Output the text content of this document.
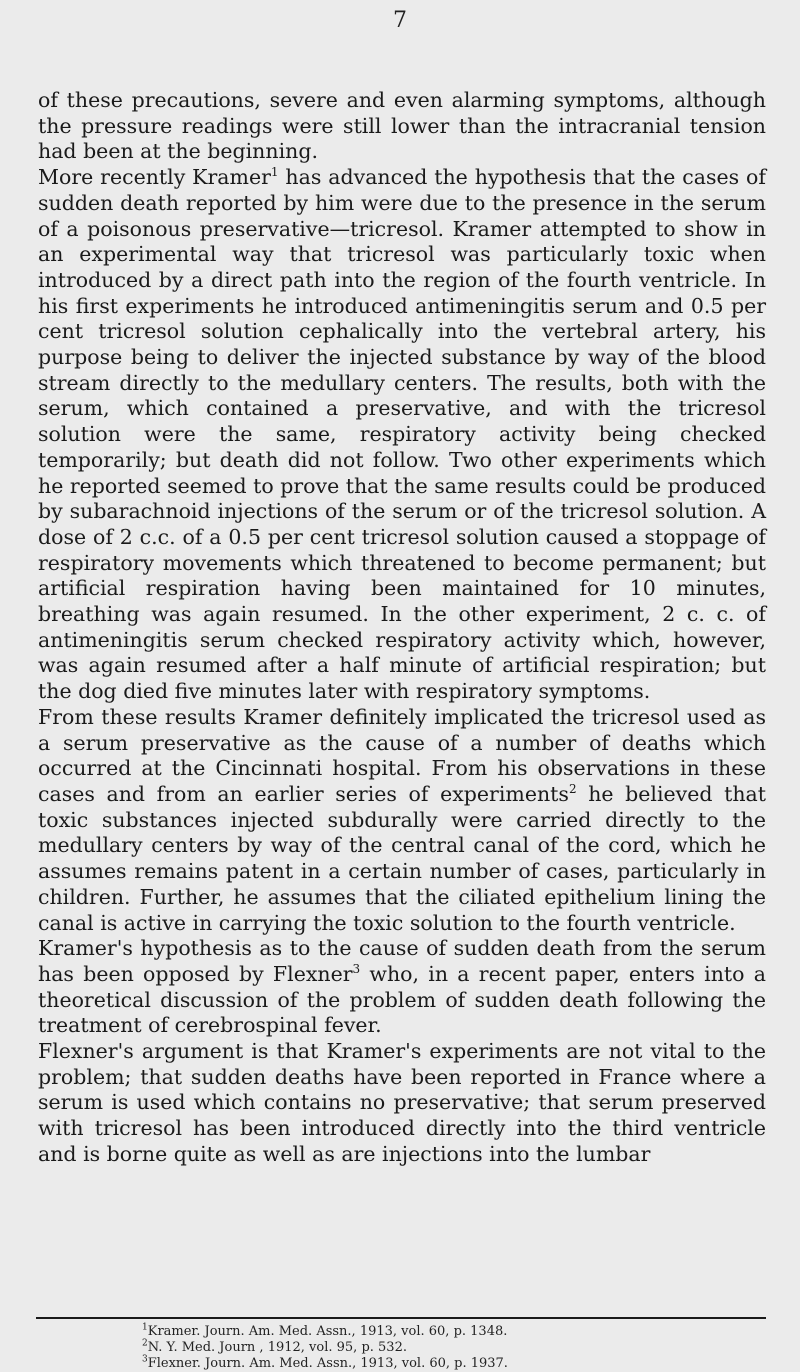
7

of these precautions, severe and even alarming symptoms, although the pressure readings were still lower than the intracranial tension had been at the beginning.

More recently Kramer$^1$ has advanced the hypothesis that the cases of sudden death reported by him were due to the presence in the serum of a poisonous preservative—tricresol. Kramer attempted to show in an experimental way that tricresol was particularly toxic when introduced by a direct path into the region of the fourth ventricle. In his first experiments he introduced antimeningitis serum and 0.5 per cent tricresol solution cephalically into the vertebral artery, his purpose being to deliver the injected substance by way of the blood stream directly to the medullary centers. The results, both with the serum, which contained a preservative, and with the tricresol solution were the same, respiratory activity being checked temporarily; but death did not follow. Two other experiments which he reported seemed to prove that the same results could be produced by subarachnoid injections of the serum or of the tricresol solution. A dose of 2 c.c. of a 0.5 per cent tricresol solution caused a stoppage of respiratory movements which threatened to become permanent; but artificial respiration having been maintained for 10 minutes, breathing was again resumed. In the other experiment, 2 c. c. of antimeningitis serum checked respiratory activity which, however, was again resumed after a half minute of artificial respiration; but the dog died five minutes later with respiratory symptoms.

From these results Kramer definitely implicated the tricresol used as a serum preservative as the cause of a number of deaths which occurred at the Cincinnati hospital. From his observations in these cases and from an earlier series of experiments$^2$ he believed that toxic substances injected subdurally were carried directly to the medullary centers by way of the central canal of the cord, which he assumes remains patent in a certain number of cases, particularly in children. Further, he assumes that the ciliated epithelium lining the canal is active in carrying the toxic solution to the fourth ventricle.

Kramer's hypothesis as to the cause of sudden death from the serum has been opposed by Flexner$^3$ who, in a recent paper, enters into a theoretical discussion of the problem of sudden death following the treatment of cerebrospinal fever.

Flexner's argument is that Kramer's experiments are not vital to the problem; that sudden deaths have been reported in France where a serum is used which contains no preservative; that serum preserved with tricresol has been introduced directly into the third ventricle and is borne quite as well as are injections into the lumbar

$^1$Kramer. Journ. Am. Med. Assn., 1913, vol. 60, p. 1348.
$^2$N. Y. Med. Journ , 1912, vol. 95, p. 532.
$^3$Flexner. Journ. Am. Med. Assn., 1913, vol. 60, p. 1937.
